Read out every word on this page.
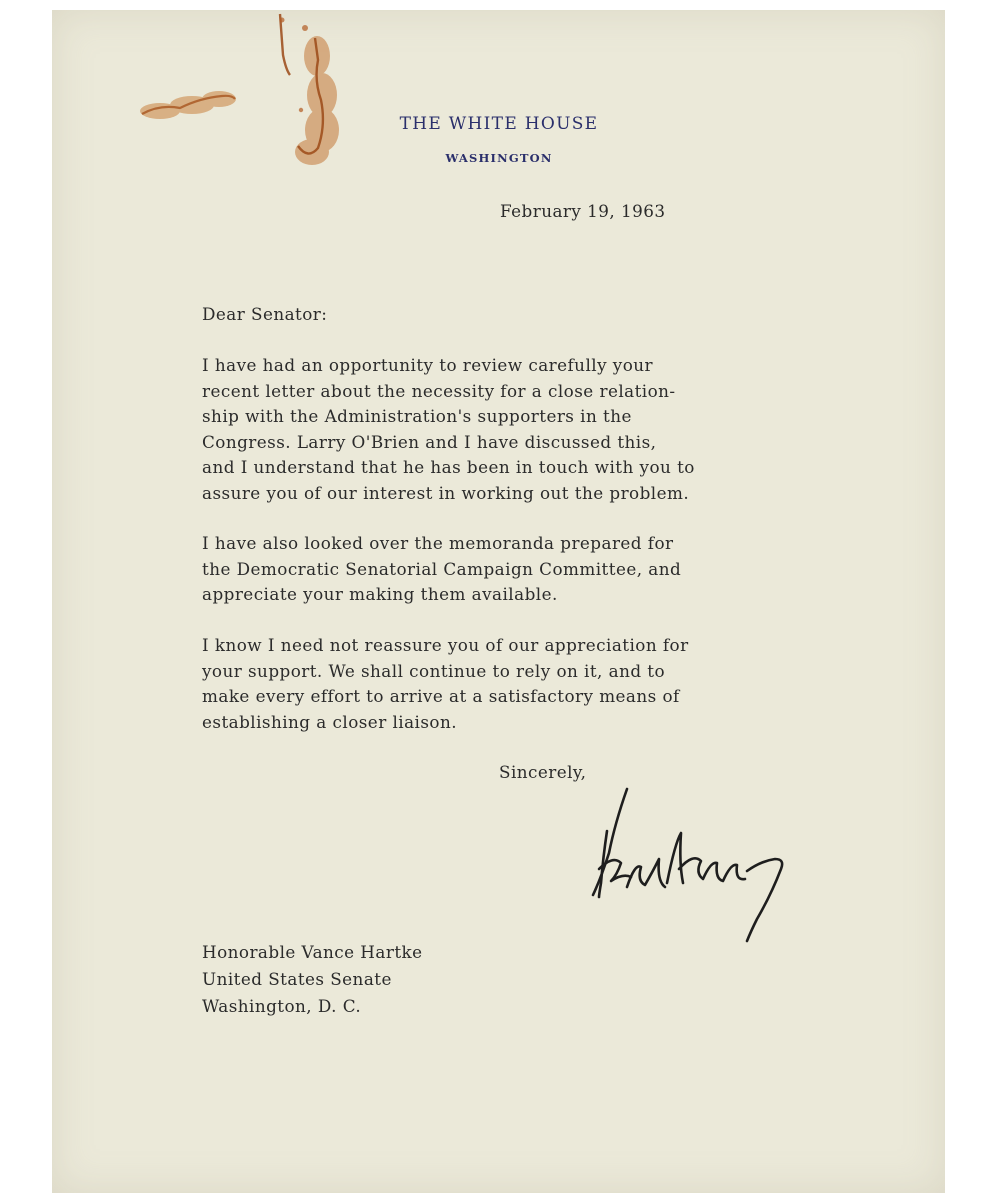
THE WHITE HOUSE
WASHINGTON
February 19, 1963
Dear Senator:
I have had an opportunity to review carefully your
recent letter about the necessity for a close relation-
ship with the Administration's supporters in the
Congress. Larry O'Brien and I have discussed this,
and I understand that he has been in touch with you to
assure you of our interest in working out the problem.
I have also looked over the memoranda prepared for
the Democratic Senatorial Campaign Committee, and
appreciate your making them available.
I know I need not reassure you of our appreciation for
your support. We shall continue to rely on it, and to
make every effort to arrive at a satisfactory means of
establishing a closer liaison.
Sincerely,
Honorable Vance Hartke
United States Senate
Washington, D. C.
